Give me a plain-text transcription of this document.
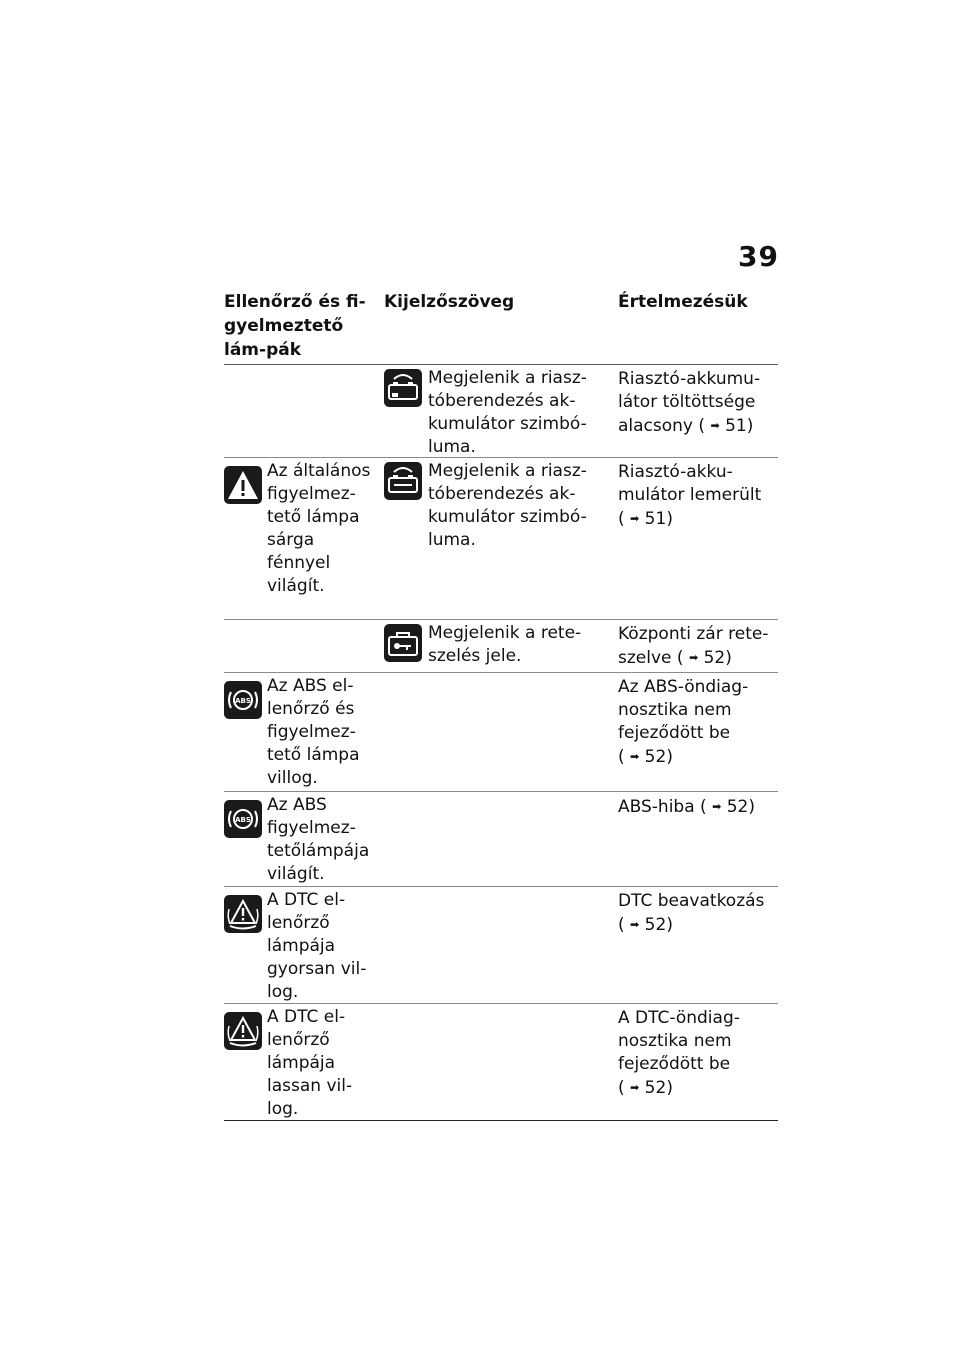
39
Ellenőrző és fi-gyelmeztető lám-pák
Kijelzőszöveg	Értelmezésük
Megjelenik a riasz-tóberendezés ak-kumulátor szimbó-luma.
Riasztó-akkumu-látor töltöttsége alacsony ( ➡ 51)
Az általános figyelmez-tető lámpa sárga fénnyel világít.
Megjelenik a riasz-tóberendezés ak-kumulátor szimbó-luma.
Riasztó-akku-mulátor lemerült ( ➡ 51)
Megjelenik a rete-szelés jele.
Központi zár rete-szelve ( ➡ 52)
ABS
Az ABS el-lenőrző és figyelmez-tető lámpa villog.
Az ABS-öndiag-nosztika nem fejeződött be ( ➡ 52)
ABS
Az ABS figyelmez-tetőlámpája világít.
ABS-hiba ( ➡ 52)
A DTC el-lenőrző lámpája gyorsan vil-log.
DTC beavatkozás ( ➡ 52)
A DTC el-lenőrző lámpája lassan vil-log.
A DTC-öndiag-nosztika nem fejeződött be ( ➡ 52)
